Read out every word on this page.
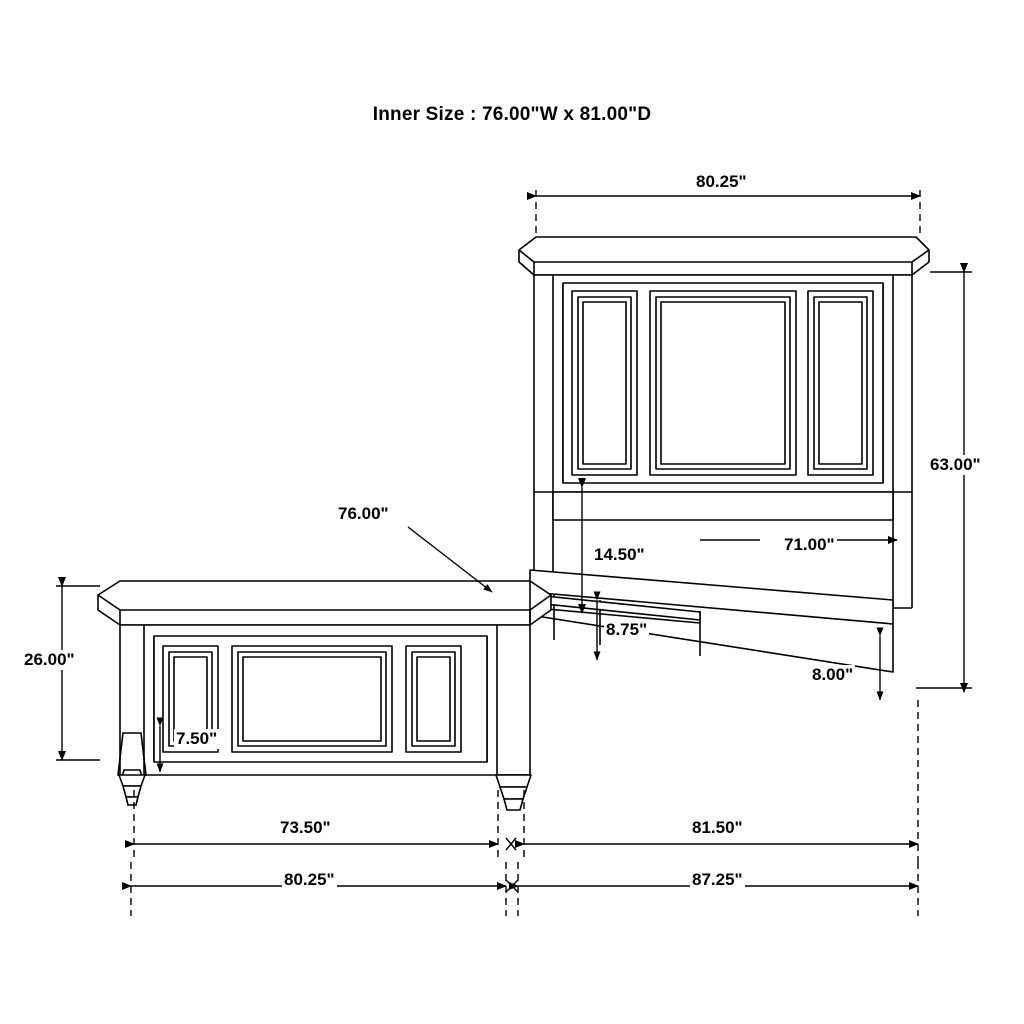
Inner Size : 76.00"W x 81.00"D
80.25"
63.00"
71.00"
76.00"
14.50"
8.75"
8.00"
26.00"
7.50"
73.50"	81.50"
80.25"	87.25"
